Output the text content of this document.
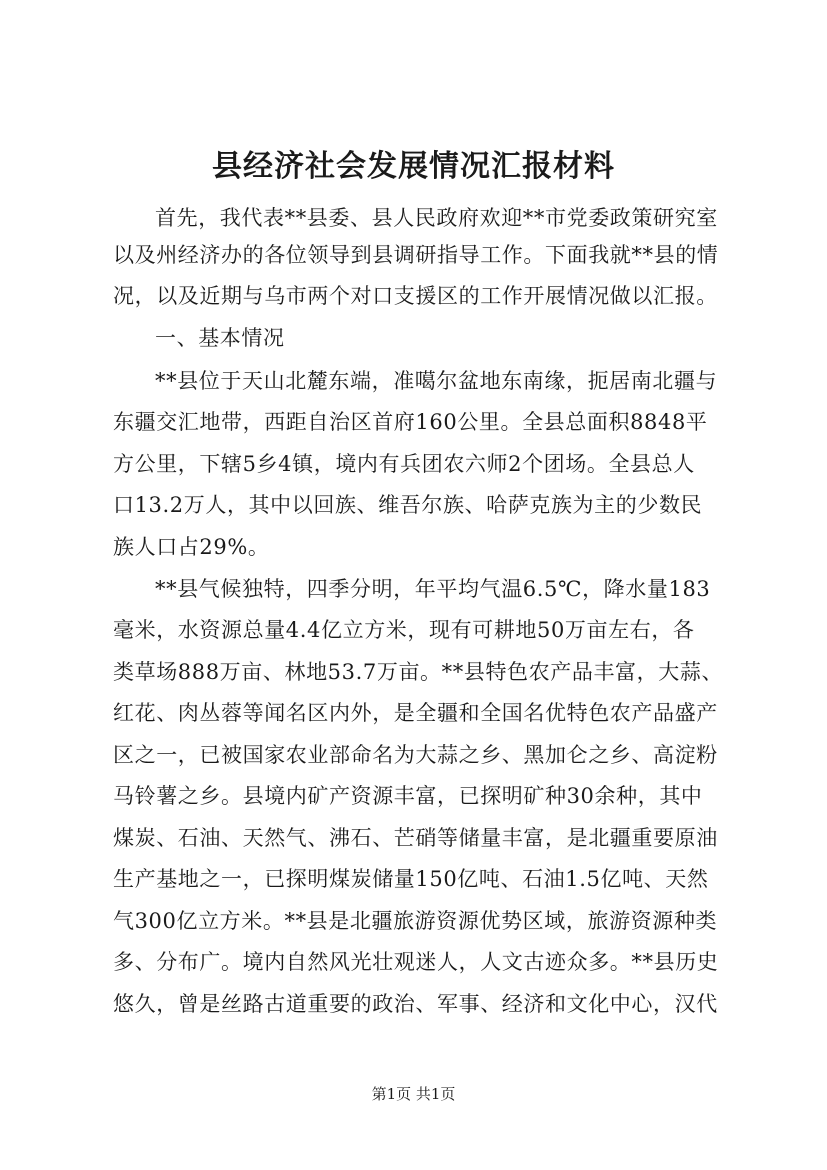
县经济社会发展情况汇报材料
首先，我代表**县委、县人民政府欢迎**市党委政策研究室
以及州经济办的各位领导到县调研指导工作。下面我就**县的情
况，以及近期与乌市两个对口支援区的工作开展情况做以汇报。
一、基本情况
**县位于天山北麓东端，准噶尔盆地东南缘，扼居南北疆与
东疆交汇地带，西距自治区首府160公里。全县总面积8848平
方公里，下辖5乡4镇，境内有兵团农六师2个团场。全县总人
口13.2万人，其中以回族、维吾尔族、哈萨克族为主的少数民
族人口占29%。
**县气候独特，四季分明，年平均气温6.5℃，降水量183
毫米，水资源总量4.4亿立方米，现有可耕地50万亩左右，各
类草场888万亩、林地53.7万亩。**县特色农产品丰富，大蒜、
红花、肉丛蓉等闻名区内外，是全疆和全国名优特色农产品盛产
区之一，已被国家农业部命名为大蒜之乡、黑加仑之乡、高淀粉
马铃薯之乡。县境内矿产资源丰富，已探明矿种30余种，其中
煤炭、石油、天然气、沸石、芒硝等储量丰富，是北疆重要原油
生产基地之一，已探明煤炭储量150亿吨、石油1.5亿吨、天然
气300亿立方米。**县是北疆旅游资源优势区域，旅游资源种类
多、分布广。境内自然风光壮观迷人，人文古迹众多。**县历史
悠久，曾是丝路古道重要的政治、军事、经济和文化中心，汉代
第1页 共1页
